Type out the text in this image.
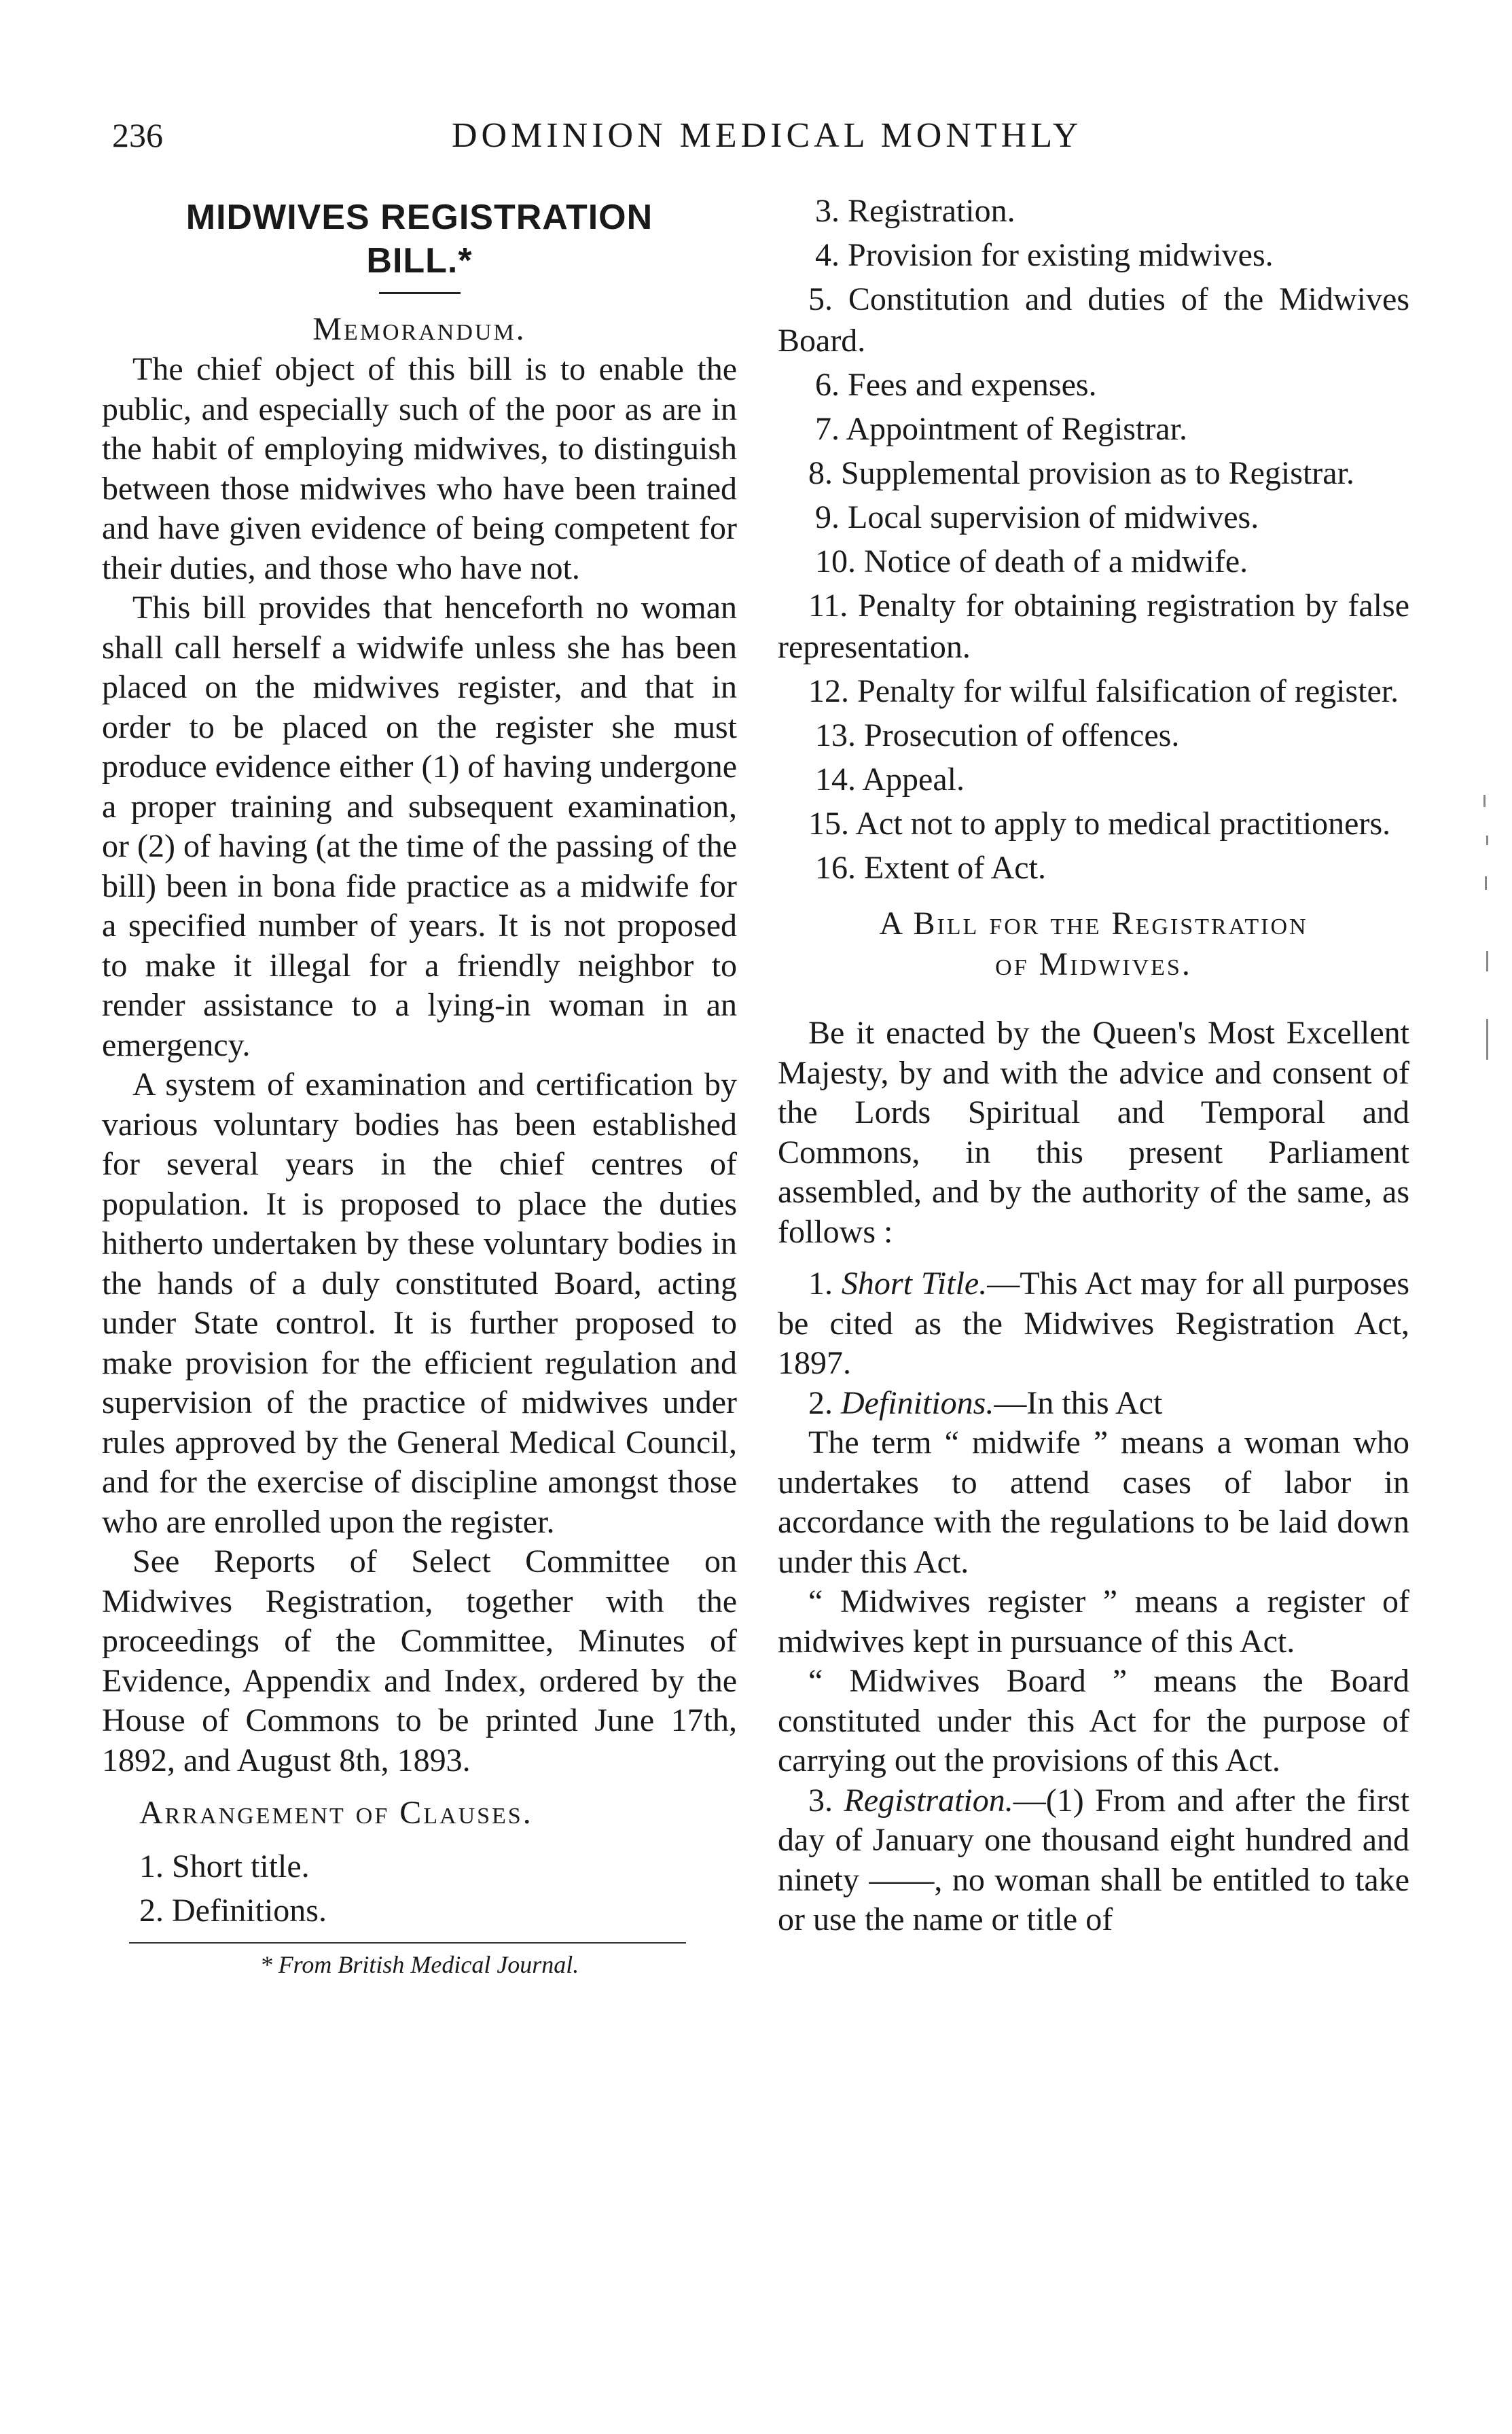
236	DOMINION MEDICAL MONTHLY
MIDWIVES REGISTRATION
BILL.*
Memorandum.

The chief object of this bill is to enable the public, and especially such of the poor as are in the habit of employing midwives, to distinguish between those midwives who have been trained and have given evidence of being competent for their duties, and those who have not.

This bill provides that henceforth no woman shall call herself a widwife unless she has been placed on the midwives register, and that in order to be placed on the register she must produce evidence either (1) of having undergone a proper training and subsequent examination, or (2) of having (at the time of the passing of the bill) been in bona fide practice as a midwife for a specified number of years. It is not proposed to make it illegal for a friendly neighbor to render assistance to a lying-in woman in an emergency.

A system of examination and certification by various voluntary bodies has been established for several years in the chief centres of population. It is proposed to place the duties hitherto undertaken by these voluntary bodies in the hands of a duly constituted Board, acting under State control. It is further proposed to make provision for the efficient regulation and supervision of the practice of midwives under rules approved by the General Medical Council, and for the exercise of discipline amongst those who are enrolled upon the register.

See Reports of Select Committee on Midwives Registration, together with the proceedings of the Committee, Minutes of Evidence, Appendix and Index, ordered by the House of Commons to be printed June 17th, 1892, and August 8th, 1893.

Arrangement of Clauses.
1. Short title.
2. Definitions.
* From British Medical Journal.
3. Registration.
4. Provision for existing midwives.
5. Constitution and duties of the Midwives Board.
6. Fees and expenses.
7. Appointment of Registrar.
8. Supplemental provision as to Registrar.
9. Local supervision of midwives.
10. Notice of death of a midwife.
11. Penalty for obtaining registration by false representation.
12. Penalty for wilful falsification of register.
13. Prosecution of offences.
14. Appeal.
15. Act not to apply to medical practitioners.
16. Extent of Act.
A Bill for the Registration
of Midwives.

Be it enacted by the Queen's Most Excellent Majesty, by and with the advice and consent of the Lords Spiritual and Temporal and Commons, in this present Parliament assembled, and by the authority of the same, as follows :

1. Short Title.—This Act may for all purposes be cited as the Midwives Registration Act, 1897.

2. Definitions.—In this Act

The term “ midwife ” means a woman who undertakes to attend cases of labor in accordance with the regulations to be laid down under this Act.

“ Midwives register ” means a register of midwives kept in pursuance of this Act.

“ Midwives Board ” means the Board constituted under this Act for the purpose of carrying out the provisions of this Act.

3. Registration.—(1) From and after the first day of January one thousand eight hundred and ninety ——, no woman shall be entitled to take or use the name or title of
